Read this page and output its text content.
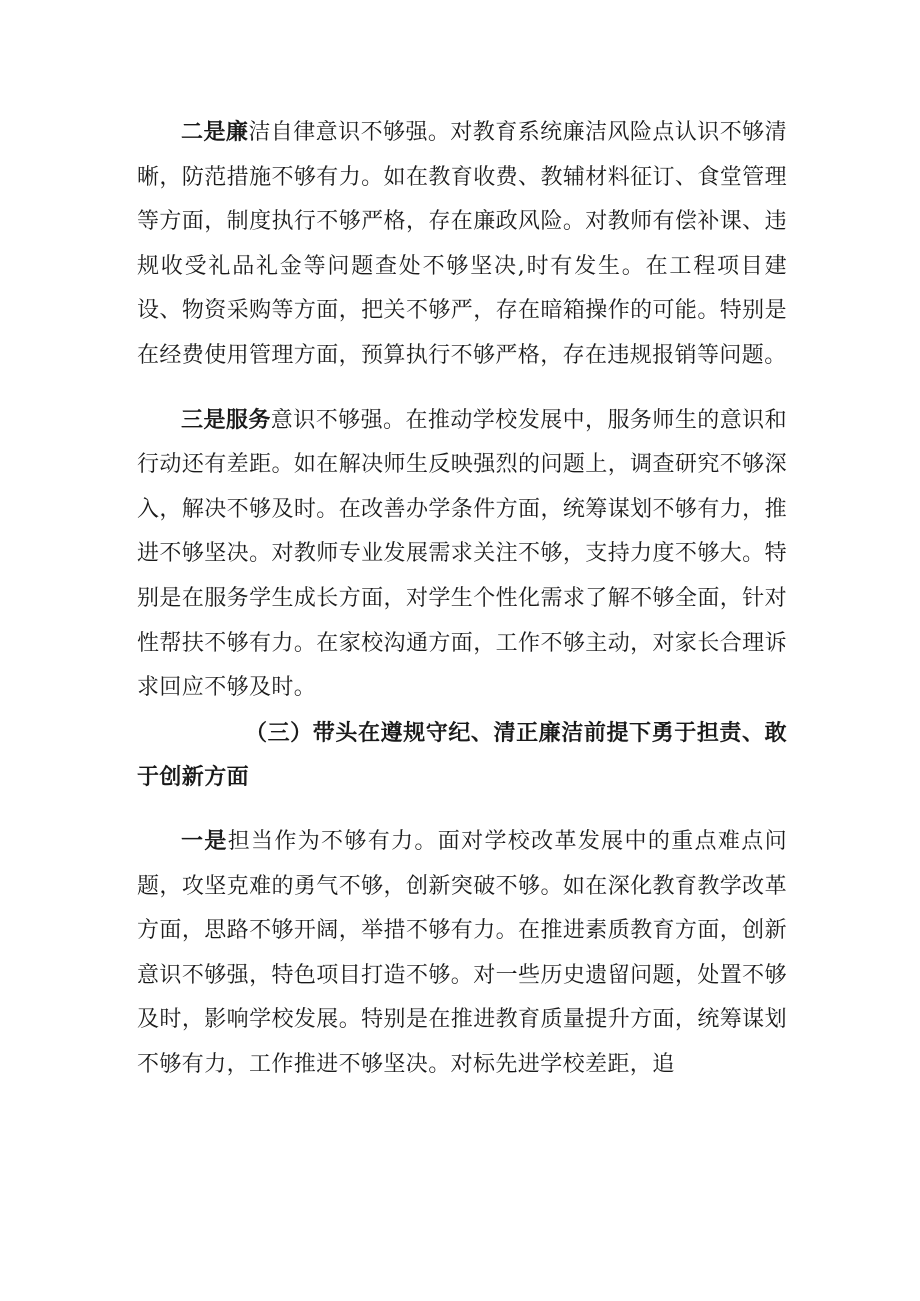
二是廉洁自律意识不够强。对教育系统廉洁风险点认识不够清晰，防范措施不够有力。如在教育收费、教辅材料征订、食堂管理等方面，制度执行不够严格，存在廉政风险。对教师有偿补课、违规收受礼品礼金等问题查处不够坚决,时有发生。在工程项目建设、物资采购等方面，把关不够严，存在暗箱操作的可能。特别是在经费使用管理方面，预算执行不够严格，存在违规报销等问题。

三是服务意识不够强。在推动学校发展中，服务师生的意识和行动还有差距。如在解决师生反映强烈的问题上，调查研究不够深入，解决不够及时。在改善办学条件方面，统筹谋划不够有力，推进不够坚决。对教师专业发展需求关注不够，支持力度不够大。特别是在服务学生成长方面，对学生个性化需求了解不够全面，针对性帮扶不够有力。在家校沟通方面，工作不够主动，对家长合理诉求回应不够及时。

（三）带头在遵规守纪、清正廉洁前提下勇于担责、敢于创新方面

一是担当作为不够有力。面对学校改革发展中的重点难点问题，攻坚克难的勇气不够，创新突破不够。如在深化教育教学改革方面，思路不够开阔，举措不够有力。在推进素质教育方面，创新意识不够强，特色项目打造不够。对一些历史遗留问题，处置不够及时，影响学校发展。特别是在推进教育质量提升方面，统筹谋划不够有力，工作推进不够坚决。对标先进学校差距，追
